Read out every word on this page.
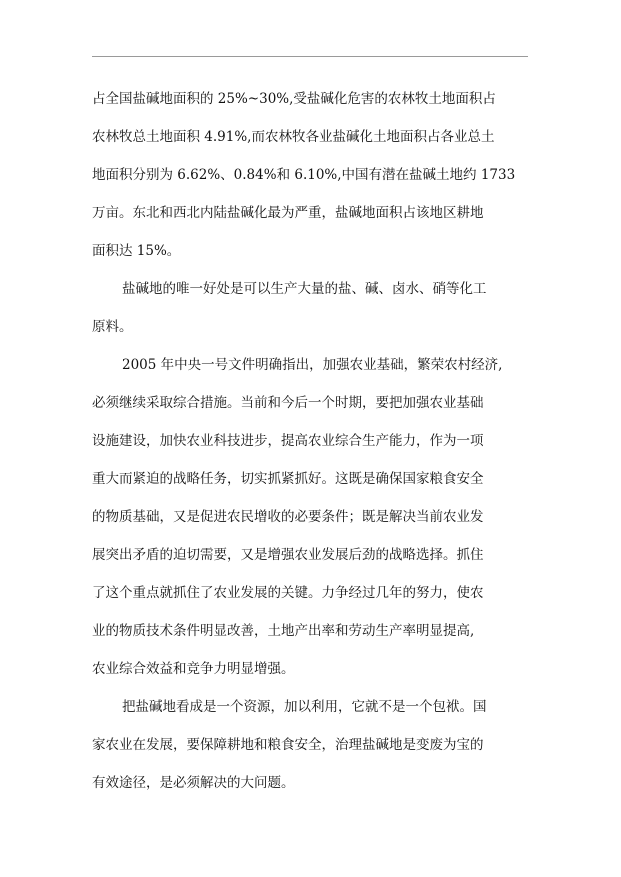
占全国盐碱地面积的 25%~30%,受盐碱化危害的农林牧土地面积占
农林牧总土地面积 4.91%,而农林牧各业盐碱化土地面积占各业总土
地面积分别为 6.62%、0.84%和 6.10%,中国有潜在盐碱土地约 1733
万亩。东北和西北内陆盐碱化最为严重，盐碱地面积占该地区耕地
面积达 15%。

盐碱地的唯一好处是可以生产大量的盐、碱、卤水、硝等化工
原料。

2005 年中央一号文件明确指出，加强农业基础，繁荣农村经济,
必须继续采取综合措施。当前和今后一个时期，要把加强农业基础
设施建设，加快农业科技进步，提高农业综合生产能力，作为一项
重大而紧迫的战略任务，切实抓紧抓好。这既是确保国家粮食安全
的物质基础，又是促进农民增收的必要条件；既是解决当前农业发
展突出矛盾的迫切需要，又是增强农业发展后劲的战略选择。抓住
了这个重点就抓住了农业发展的关键。力争经过几年的努力，使农
业的物质技术条件明显改善，土地产出率和劳动生产率明显提高,
农业综合效益和竞争力明显增强。

把盐碱地看成是一个资源，加以利用，它就不是一个包袱。国
家农业在发展，要保障耕地和粮食安全，治理盐碱地是变废为宝的
有效途径，是必须解决的大问题。
